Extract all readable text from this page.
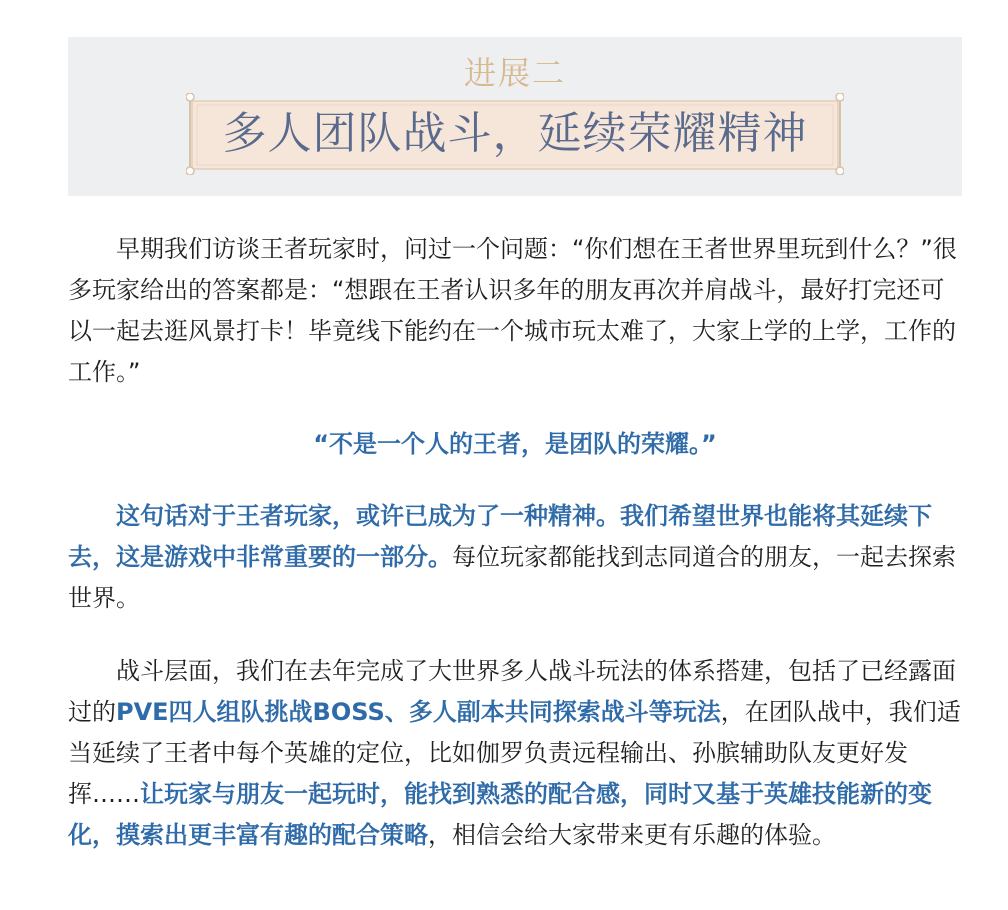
进展二
多人团队战斗，延续荣耀精神

早期我们访谈王者玩家时，问过一个问题：“你们想在王者世界里玩到什么？”很多玩家给出的答案都是：“想跟在王者认识多年的朋友再次并肩战斗，最好打完还可以一起去逛风景打卡！毕竟线下能约在一个城市玩太难了，大家上学的上学，工作的工作。”

“不是一个人的王者，是团队的荣耀。”

这句话对于王者玩家，或许已成为了一种精神。我们希望世界也能将其延续下去，这是游戏中非常重要的一部分。每位玩家都能找到志同道合的朋友，一起去探索世界。

战斗层面，我们在去年完成了大世界多人战斗玩法的体系搭建，包括了已经露面过的PVE四人组队挑战BOSS、多人副本共同探索战斗等玩法，在团队战中，我们适当延续了王者中每个英雄的定位，比如伽罗负责远程输出、孙膑辅助队友更好发挥……让玩家与朋友一起玩时，能找到熟悉的配合感，同时又基于英雄技能新的变化，摸索出更丰富有趣的配合策略，相信会给大家带来更有乐趣的体验。
